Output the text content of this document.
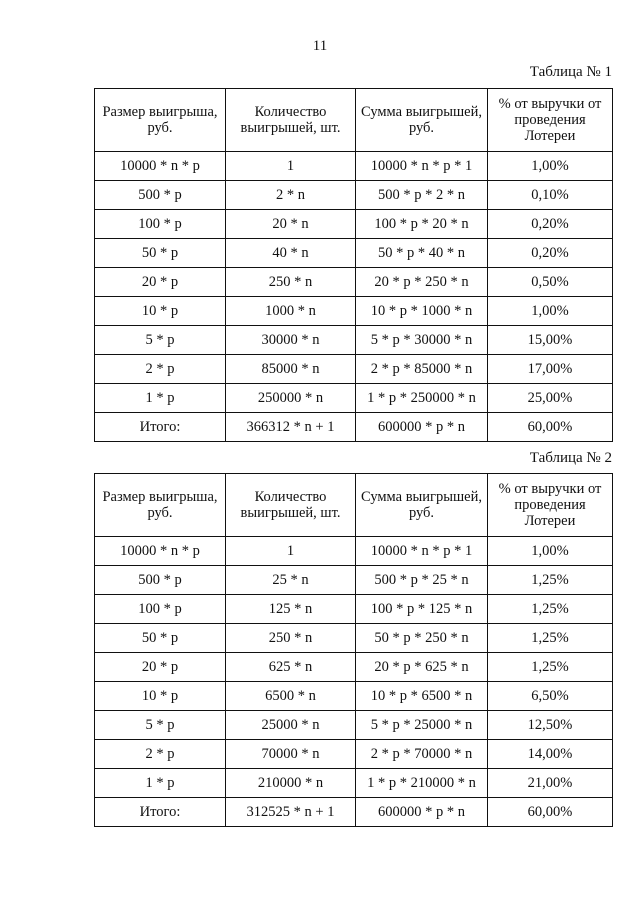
11
Таблица № 1
Размер выигрыша, руб.	Количество выигрышей, шт.	Сумма выигрышей, руб.	% от выручки от проведения Лотереи
10000 * n * p	1	10000 * n * p * 1	1,00%
500 * p	2 * n	500 * p * 2 * n	0,10%
100 * p	20 * n	100 * p * 20 * n	0,20%
50 * p	40 * n	50 * p * 40 * n	0,20%
20 * p	250 * n	20 * p * 250 * n	0,50%
10 * p	1000 * n	10 * p * 1000 * n	1,00%
5 * p	30000 * n	5 * p * 30000 * n	15,00%
2 * p	85000 * n	2 * p * 85000 * n	17,00%
1 * p	250000 * n	1 * p * 250000 * n	25,00%
Итого:	366312 * n + 1	600000 * p * n	60,00%
Таблица № 2
Размер выигрыша, руб.	Количество выигрышей, шт.	Сумма выигрышей, руб.	% от выручки от проведения Лотереи
10000 * n * p	1	10000 * n * p * 1	1,00%
500 * p	25 * n	500 * p * 25 * n	1,25%
100 * p	125 * n	100 * p * 125 * n	1,25%
50 * p	250 * n	50 * p * 250 * n	1,25%
20 * p	625 * n	20 * p * 625 * n	1,25%
10 * p	6500 * n	10 * p * 6500 * n	6,50%
5 * p	25000 * n	5 * p * 25000 * n	12,50%
2 * p	70000 * n	2 * p * 70000 * n	14,00%
1 * p	210000 * n	1 * p * 210000 * n	21,00%
Итого:	312525 * n + 1	600000 * p * n	60,00%
